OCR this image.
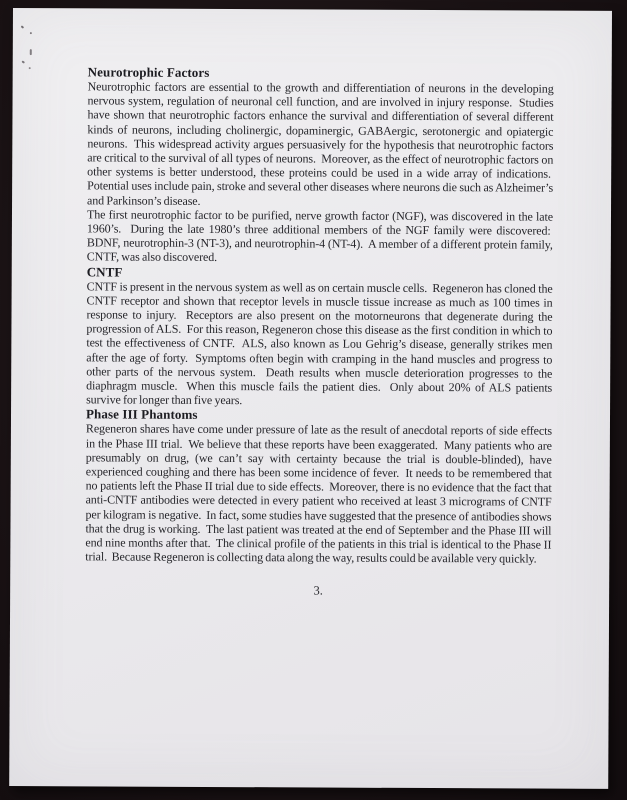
Neurotrophic Factors

Neurotrophic factors are essential to the growth and differentiation of neurons in the developing nervous system, regulation of neuronal cell function, and are involved in injury response.  Studies have shown that neurotrophic factors enhance the survival and differentiation of several different kinds of neurons, including cholinergic, dopaminergic, GABAergic, serotonergic and opiatergic neurons.  This widespread activity argues persuasively for the hypothesis that neurotrophic factors are critical to the survival of all types of neurons.  Moreover, as the effect of neurotrophic factors on other systems is better understood, these proteins could be used in a wide array of indications.  Potential uses include pain, stroke and several other diseases where neurons die such as Alzheimer’s and Parkinson’s disease.

The first neurotrophic factor to be purified, nerve growth factor (NGF), was discovered in the late 1960’s.  During the late 1980’s three additional members of the NGF family were discovered:  BDNF, neurotrophin-3 (NT-3), and neurotrophin-4 (NT-4).  A member of a different protein family, CNTF, was also discovered.

CNTF

CNTF is present in the nervous system as well as on certain muscle cells.  Regeneron has cloned the CNTF receptor and shown that receptor levels in muscle tissue increase as much as 100 times in response to injury.  Receptors are also present on the motorneurons that degenerate during the progression of ALS.  For this reason, Regeneron chose this disease as the first condition in which to test the effectiveness of CNTF.  ALS, also known as Lou Gehrig’s disease, generally strikes men after the age of forty.  Symptoms often begin with cramping in the hand muscles and progress to other parts of the nervous system.  Death results when muscle deterioration progresses to the diaphragm muscle.  When this muscle fails the patient dies.  Only about 20% of ALS patients survive for longer than five years.

Phase III Phantoms

Regeneron shares have come under pressure of late as the result of anecdotal reports of side effects in the Phase III trial.  We believe that these reports have been exaggerated.  Many patients who are presumably on drug, (we can’t say with certainty because the trial is double-blinded), have experienced coughing and there has been some incidence of fever.  It needs to be remembered that no patients left the Phase II trial due to side effects.  Moreover, there is no evidence that the fact that anti-CNTF antibodies were detected in every patient who received at least 3 micrograms of CNTF per kilogram is negative.  In fact, some studies have suggested that the presence of antibodies shows that the drug is working.  The last patient was treated at the end of September and the Phase III will end nine months after that.  The clinical profile of the patients in this trial is identical to the Phase II trial.  Because Regeneron is collecting data along the way, results could be available very quickly.

3.
